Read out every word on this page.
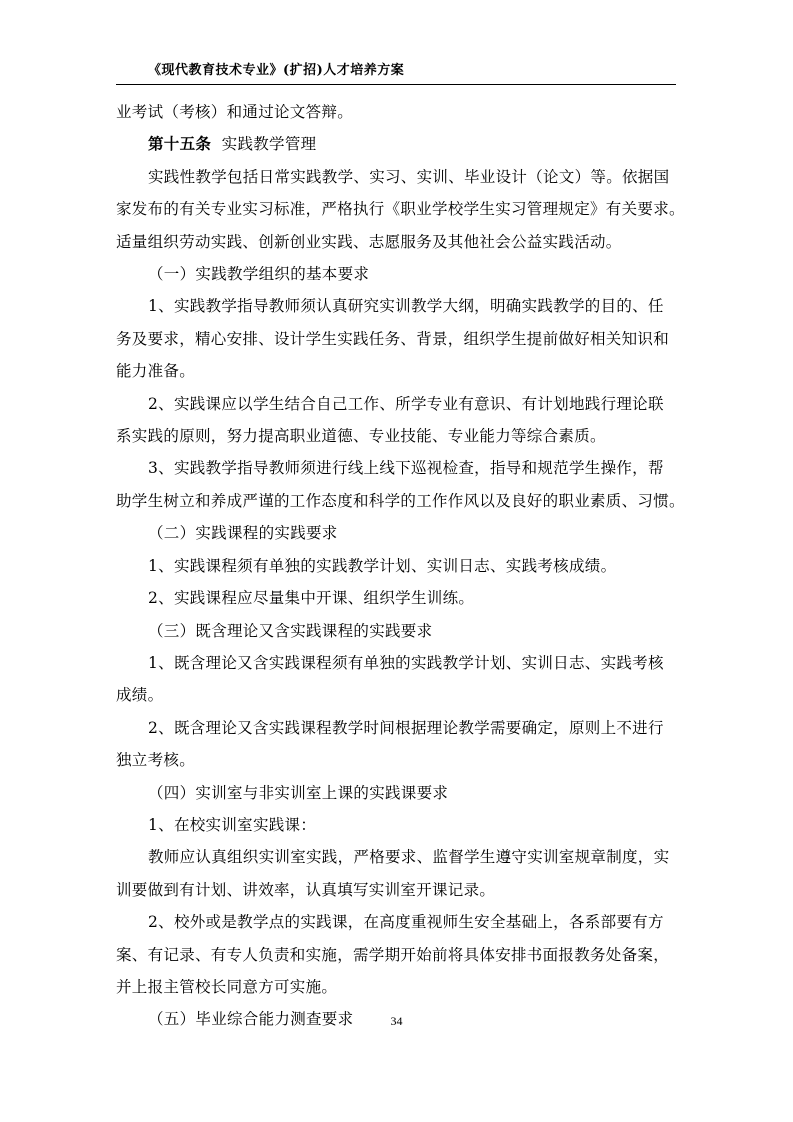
《现代教育技术专业》(扩招)人才培养方案

业考试（考核）和通过论文答辩。

第十五条  实践教学管理

实践性教学包括日常实践教学、实习、实训、毕业设计（论文）等。依据国

家发布的有关专业实习标准，严格执行《职业学校学生实习管理规定》有关要求。

适量组织劳动实践、创新创业实践、志愿服务及其他社会公益实践活动。

（一）实践教学组织的基本要求

1、实践教学指导教师须认真研究实训教学大纲，明确实践教学的目的、任

务及要求，精心安排、设计学生实践任务、背景，组织学生提前做好相关知识和

能力准备。

2、实践课应以学生结合自己工作、所学专业有意识、有计划地践行理论联

系实践的原则，努力提高职业道德、专业技能、专业能力等综合素质。

3、实践教学指导教师须进行线上线下巡视检查，指导和规范学生操作，帮

助学生树立和养成严谨的工作态度和科学的工作作风以及良好的职业素质、习惯。

（二）实践课程的实践要求

1、实践课程须有单独的实践教学计划、实训日志、实践考核成绩。

2、实践课程应尽量集中开课、组织学生训练。

（三）既含理论又含实践课程的实践要求

1、既含理论又含实践课程须有单独的实践教学计划、实训日志、实践考核

成绩。

2、既含理论又含实践课程教学时间根据理论教学需要确定，原则上不进行

独立考核。

（四）实训室与非实训室上课的实践课要求

1、在校实训室实践课：

教师应认真组织实训室实践，严格要求、监督学生遵守实训室规章制度，实

训要做到有计划、讲效率，认真填写实训室开课记录。

2、校外或是教学点的实践课，在高度重视师生安全基础上，各系部要有方

案、有记录、有专人负责和实施，需学期开始前将具体安排书面报教务处备案，

并上报主管校长同意方可实施。

（五）毕业综合能力测查要求	34
